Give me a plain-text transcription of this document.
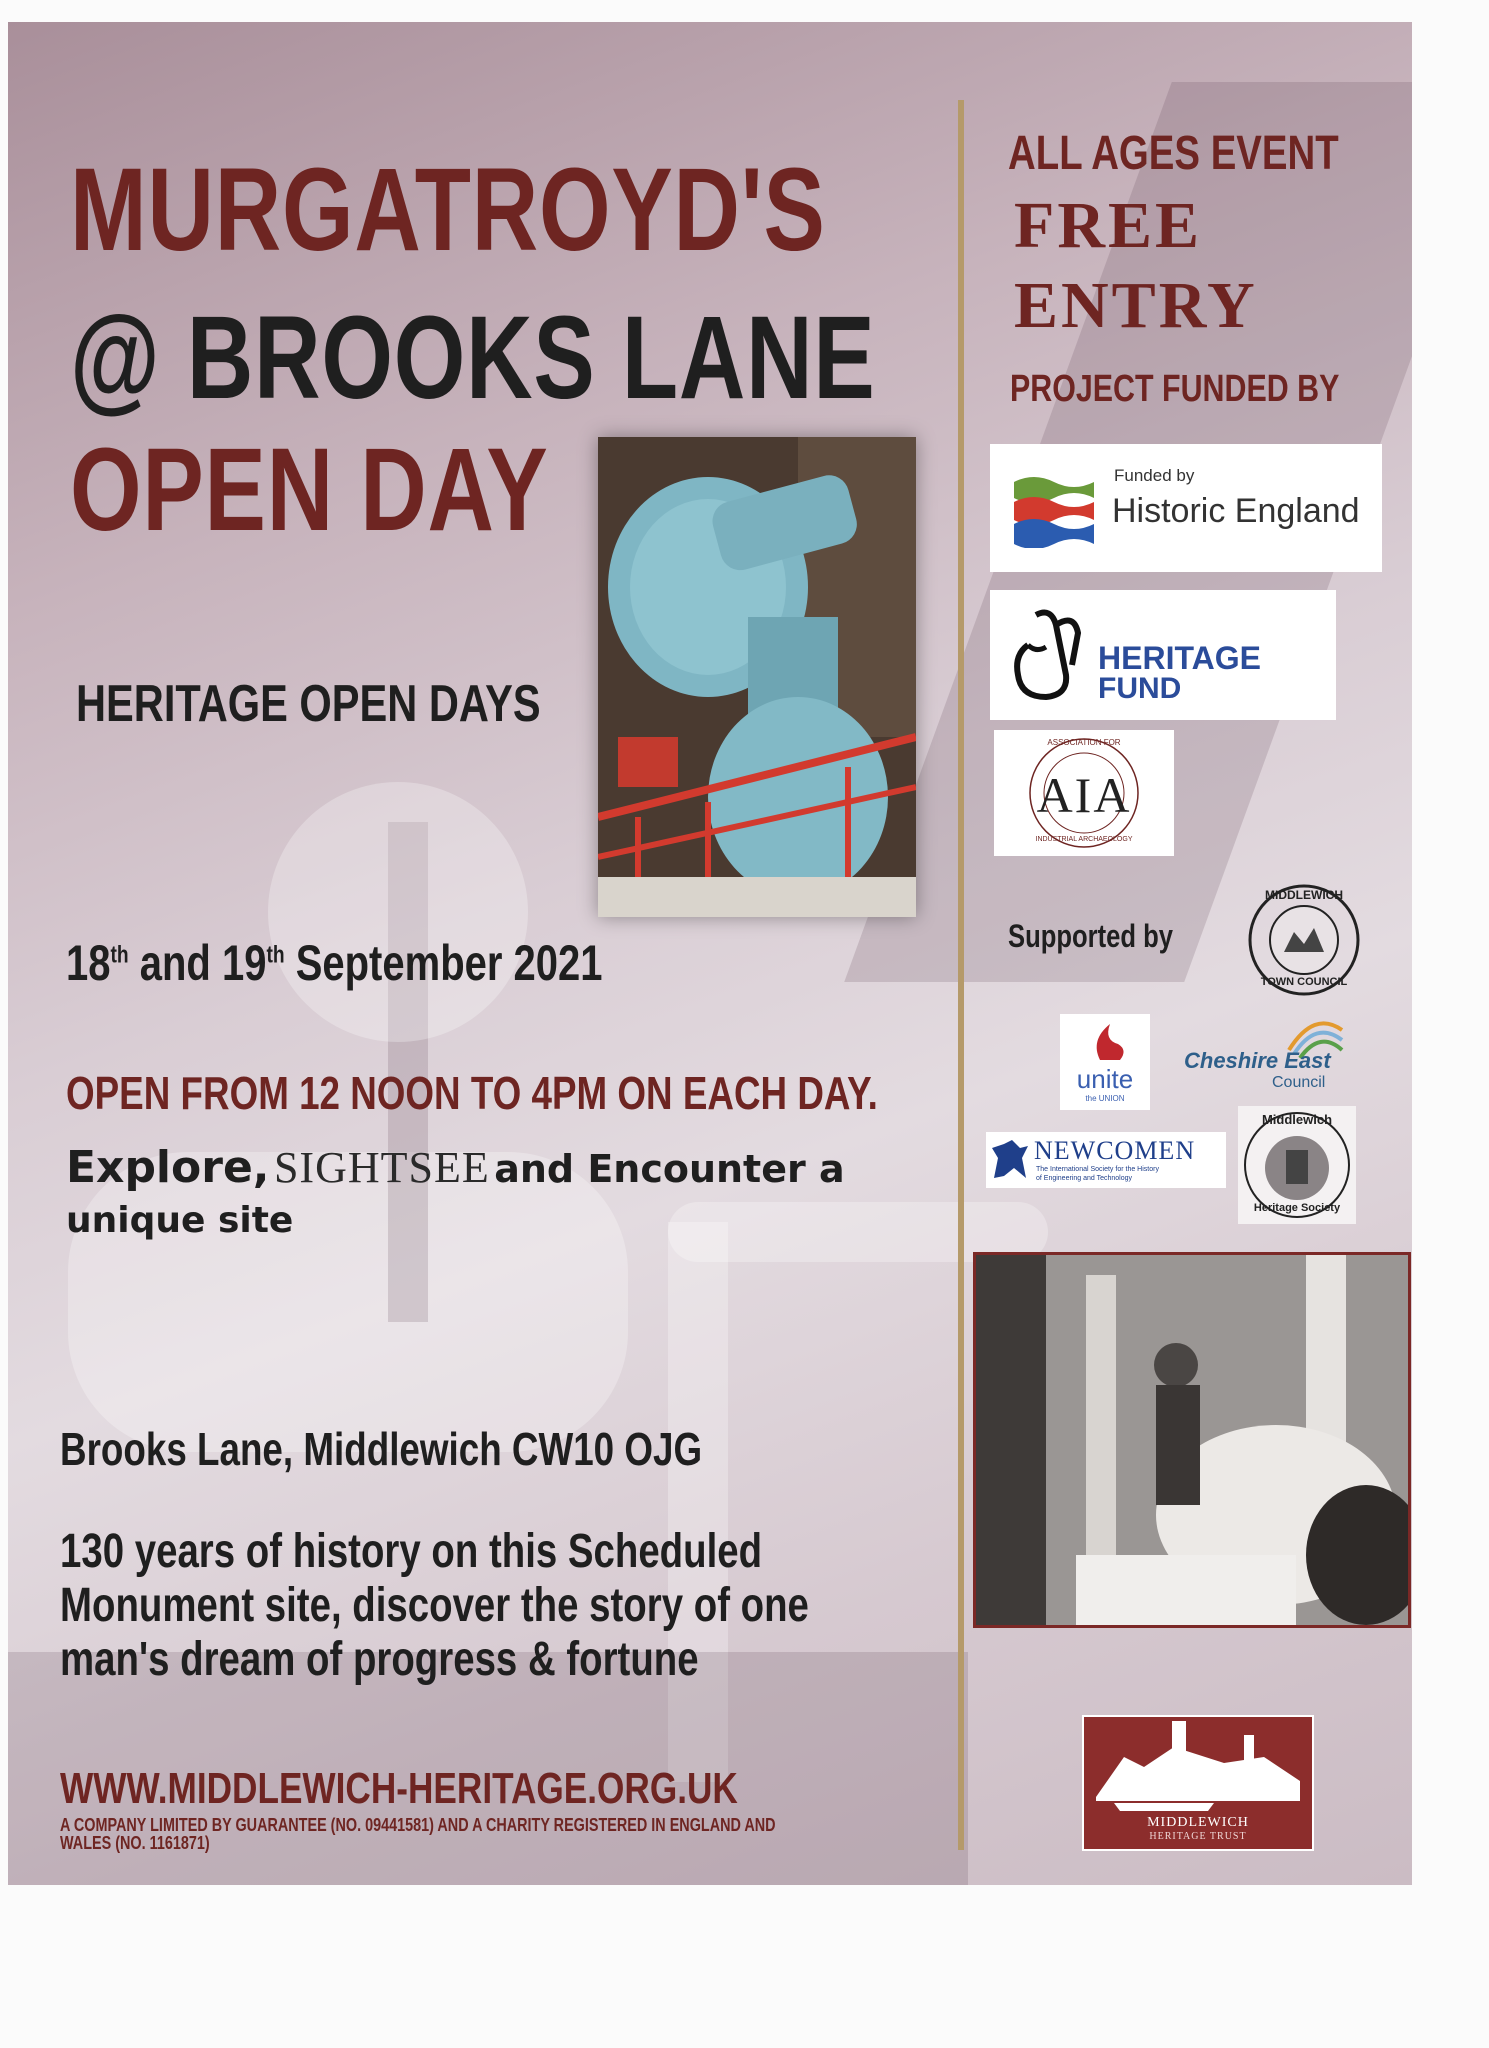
MURGATROYD'S
@ BROOKS LANE
OPEN DAY
HERITAGE OPEN DAYS
18th and 19th September 2021
OPEN FROM 12 NOON TO 4PM ON EACH DAY.
Explore, SIGHTSEE and Encounter a
unique site
Brooks Lane, Middlewich CW10 OJG
130 years of history on this Scheduled
Monument site, discover the story of one
man's dream of progress & fortune
WWW.MIDDLEWICH-HERITAGE.ORG.UK
A COMPANY LIMITED BY GUARANTEE (NO. 09441581) AND A CHARITY REGISTERED IN ENGLAND AND
WALES (NO. 1161871)
ALL AGES EVENT
FREE
ENTRY
PROJECT FUNDED BY
Funded by
Historic England
HERITAGE
FUND
ASSOCIATION FOR
AIA
INDUSTRIAL ARCHAEOLOGY
Supported by
MIDDLEWICH
TOWN COUNCIL
unite
the UNION
Cheshire East
Council
NEWCOMEN
The International Society for the History
of Engineering and Technology
Middlewich
Heritage Society
MIDDLEWICH
HERITAGE TRUST
